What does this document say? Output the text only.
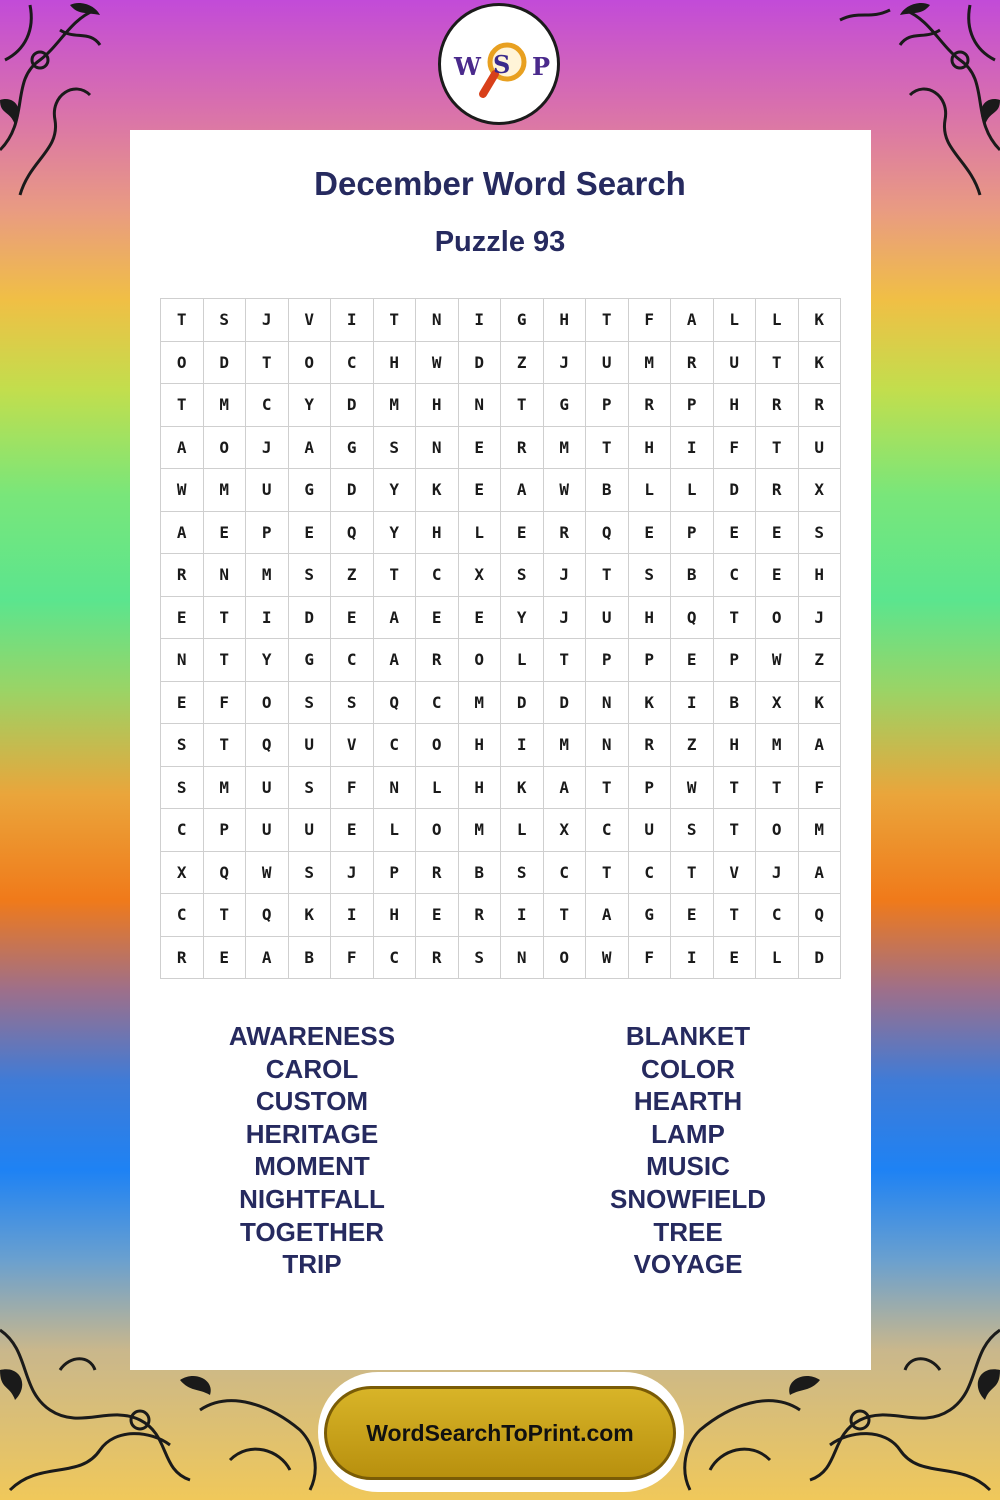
W S P
December Word Search
Puzzle 93
T	S	J	V	I	T	N	I	G	H	T	F	A	L	L	K
O	D	T	O	C	H	W	D	Z	J	U	M	R	U	T	K
T	M	C	Y	D	M	H	N	T	G	P	R	P	H	R	R
A	O	J	A	G	S	N	E	R	M	T	H	I	F	T	U
W	M	U	G	D	Y	K	E	A	W	B	L	L	D	R	X
A	E	P	E	Q	Y	H	L	E	R	Q	E	P	E	E	S
R	N	M	S	Z	T	C	X	S	J	T	S	B	C	E	H
E	T	I	D	E	A	E	E	Y	J	U	H	Q	T	O	J
N	T	Y	G	C	A	R	O	L	T	P	P	E	P	W	Z
E	F	O	S	S	Q	C	M	D	D	N	K	I	B	X	K
S	T	Q	U	V	C	O	H	I	M	N	R	Z	H	M	A
S	M	U	S	F	N	L	H	K	A	T	P	W	T	T	F
C	P	U	U	E	L	O	M	L	X	C	U	S	T	O	M
X	Q	W	S	J	P	R	B	S	C	T	C	T	V	J	A
C	T	Q	K	I	H	E	R	I	T	A	G	E	T	C	Q
R	E	A	B	F	C	R	S	N	O	W	F	I	E	L	D
AWARENESS
CAROL
CUSTOM
HERITAGE
MOMENT
NIGHTFALL
TOGETHER
TRIP
BLANKET
COLOR
HEARTH
LAMP
MUSIC
SNOWFIELD
TREE
VOYAGE
WordSearchToPrint.com
